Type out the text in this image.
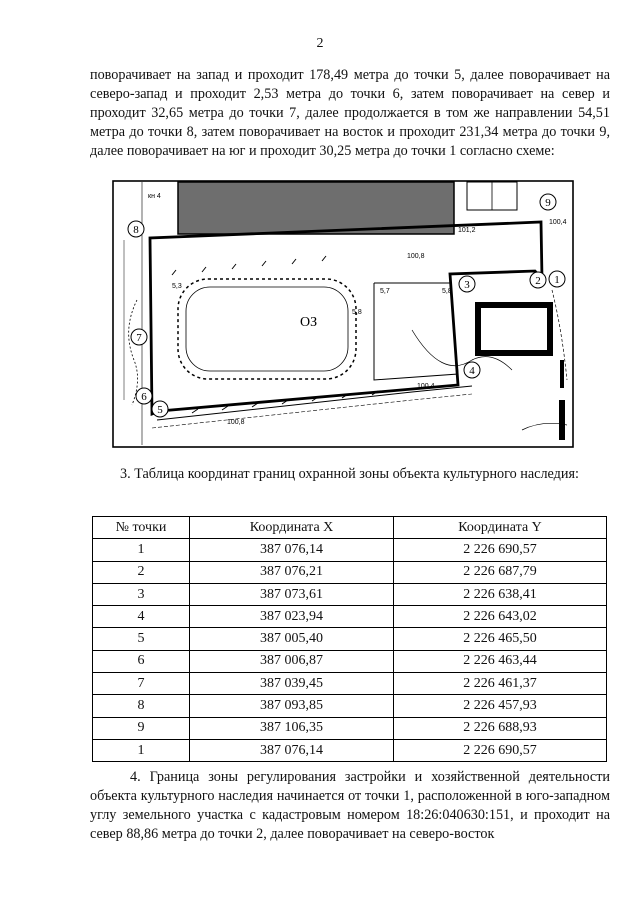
2

поворачивает на запад и проходит 178,49 метра до точки 5, далее поворачивает на северо-запад и проходит 2,53 метра до точки 6, затем поворачивает на север и проходит 32,65 метра до точки 7, далее продолжается в том же направлении 54,51 метра до точки 8, затем поворачивает на восток и проходит 231,34 метра до точки 9, далее поворачивает на юг и проходит 30,25 метра до точки 1 согласно схеме:

101,2
100,4
100,8
5,7	5,8
100,4
100,8
5,8
5,3
кн 4
ОЗ
1
2
3
4
5
6
7
8
9

3. Таблица координат границ охранной зоны объекта культурного наследия:

№ точки	Координата X	Координата Y
1	387 076,14	2 226 690,57
2	387 076,21	2 226 687,79
3	387 073,61	2 226 638,41
4	387 023,94	2 226 643,02
5	387 005,40	2 226 465,50
6	387 006,87	2 226 463,44
7	387 039,45	2 226 461,37
8	387 093,85	2 226 457,93
9	387 106,35	2 226 688,93
1	387 076,14	2 226 690,57

4. Граница зоны регулирования застройки и хозяйственной деятельности объекта культурного наследия начинается от точки 1, расположенной в юго-западном углу земельного участка с кадастровым номером 18:26:040630:151, и проходит на север 88,86 метра до точки 2, далее поворачивает на северо-восток
